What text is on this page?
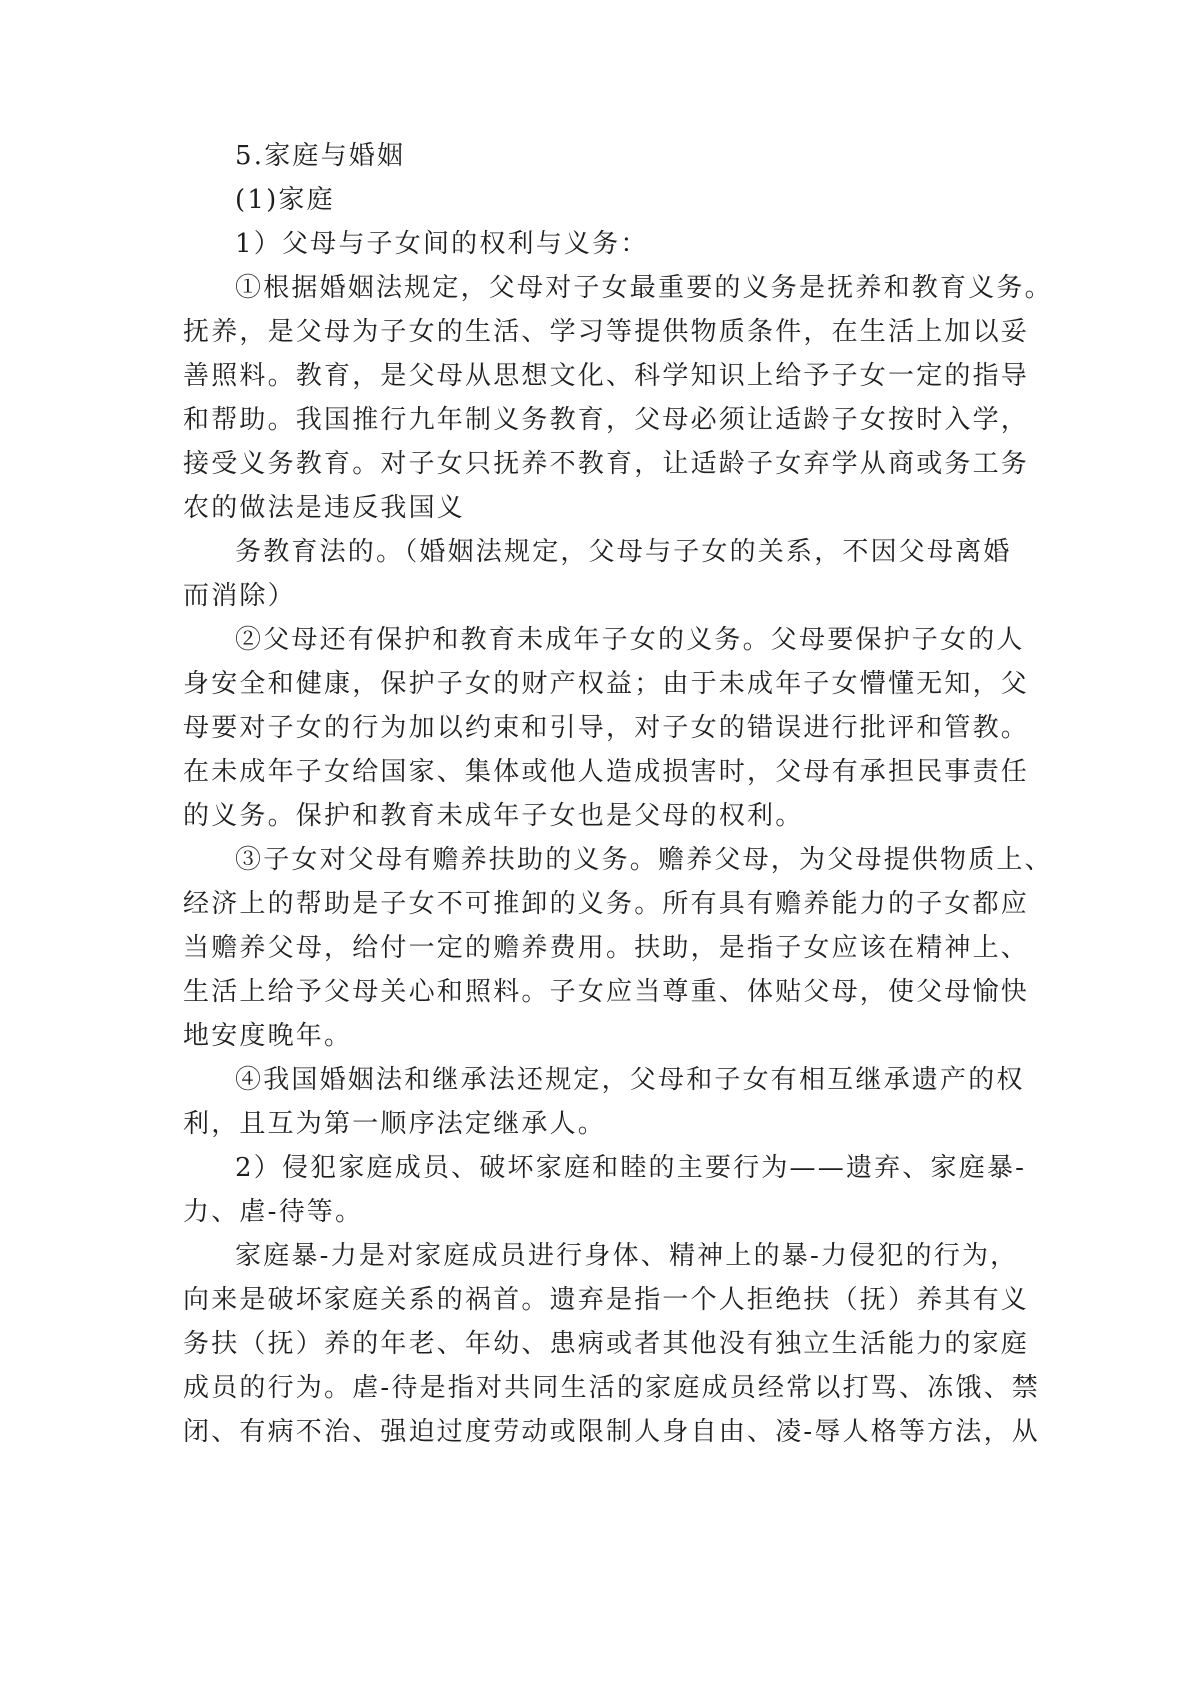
5.家庭与婚姻
(1)家庭
1）父母与子女间的权利与义务：
①根据婚姻法规定，父母对子女最重要的义务是抚养和教育义务。
抚养，是父母为子女的生活、学习等提供物质条件，在生活上加以妥
善照料。教育，是父母从思想文化、科学知识上给予子女一定的指导
和帮助。我国推行九年制义务教育，父母必须让适龄子女按时入学，
接受义务教育。对子女只抚养不教育，让适龄子女弃学从商或务工务
农的做法是违反我国义
务教育法的。（婚姻法规定，父母与子女的关系，不因父母离婚
而消除）
②父母还有保护和教育未成年子女的义务。父母要保护子女的人
身安全和健康，保护子女的财产权益；由于未成年子女懵懂无知，父
母要对子女的行为加以约束和引导，对子女的错误进行批评和管教。
在未成年子女给国家、集体或他人造成损害时，父母有承担民事责任
的义务。保护和教育未成年子女也是父母的权利。
③子女对父母有赡养扶助的义务。赡养父母，为父母提供物质上、
经济上的帮助是子女不可推卸的义务。所有具有赡养能力的子女都应
当赡养父母，给付一定的赡养费用。扶助，是指子女应该在精神上、
生活上给予父母关心和照料。子女应当尊重、体贴父母，使父母愉快
地安度晚年。
④我国婚姻法和继承法还规定，父母和子女有相互继承遗产的权
利，且互为第一顺序法定继承人。
2）侵犯家庭成员、破坏家庭和睦的主要行为——遗弃、家庭暴-
力、虐-待等。
家庭暴-力是对家庭成员进行身体、精神上的暴-力侵犯的行为，
向来是破坏家庭关系的祸首。遗弃是指一个人拒绝扶（抚）养其有义
务扶（抚）养的年老、年幼、患病或者其他没有独立生活能力的家庭
成员的行为。虐-待是指对共同生活的家庭成员经常以打骂、冻饿、禁
闭、有病不治、强迫过度劳动或限制人身自由、凌-辱人格等方法，从
